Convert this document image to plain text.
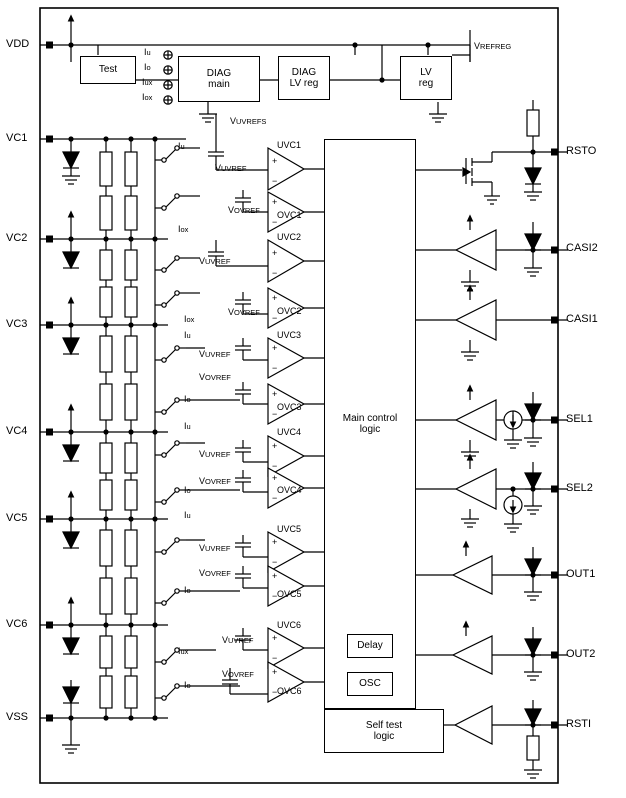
+
−
+
−
+
−
+
−
+
−
+
−
+
−
+
−
+
−
+
−
+
−
+
−
Test	DIAG
main
DIAG
LV reg
LV
reg
Main control
logic
Delay
OSC
Self test
logic
VDD
VC1
VC2
VC3
VC4
VC5
VC6
VSS
RSTO
CASI2
CASI1
SEL1
SEL2
OUT1
OUT2
RSTI
UVC1
OVC1
UVC2
OVC2
UVC3
OVC3
UVC4
OVC4
UVC5
OVC5
UVC6
OVC6
VREFREG
VUVREFS
VUVREF
VOVREF
VUVREF
VOVREF
VUVREF
VOVREF
VUVREF
VOVREF
VUVREF
VOVREF
VUVREF
VOVREF
Iu
Io
Iux
Iox
Iu
Iox
Iox
Iu
Io
Iu
Io
Iu
Io
Iux
Io
